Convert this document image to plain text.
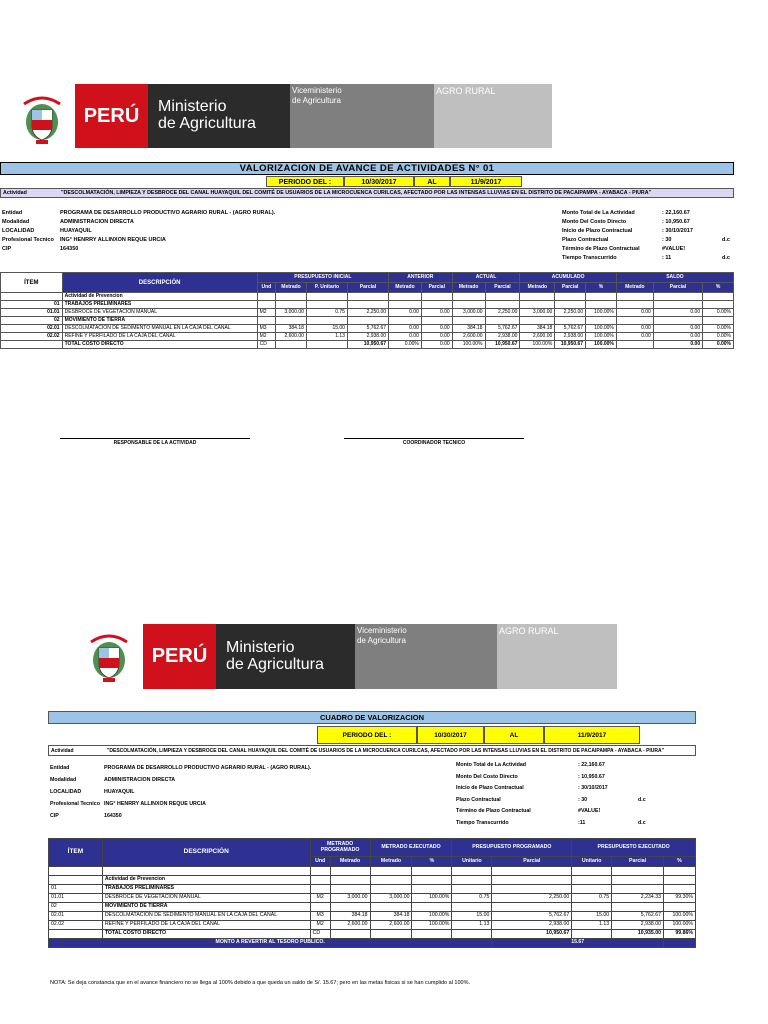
PERÚ	Ministerio
de Agricultura
Viceministerio
de Agricultura
AGRO RURAL
VALORIZACION DE AVANCE DE ACTIVIDADES N° 01
PERIODO DEL :	10/30/2017	AL	11/9/2017
Actividad	"DESCOLMATACIÓN, LIMPIEZA Y DESBROCE DEL CANAL HUAYAQUIL DEL COMITÉ DE USUARIOS DE LA MICROCUENCA CURILCAS, AFECTADO POR LAS INTENSAS LLUVIAS EN EL DISTRITO DE PACAIPAMPA - AYABACA - PIURA"
Entidad	PROGRAMA DE DESARROLLO PRODUCTIVO AGRARIO RURAL - (AGRO RURAL).
Modalidad	ADMINISTRACION DIRECTA
LOCALIDAD	HUAYAQUIL
Profesional Tecnico	ING° HENRRY ALLINXON REQUE URCIA
CIP	164350
Monto Total de La Actividad	: 22,160.67
Monto Del Costo Directo	: 10,950.67
Inicio de Plazo Contractual	: 30/10/2017
Plazo Contractual	: 30	d.c
Término de Plazo Contractual	#VALUE!
Tiempo Transcurrido	: 11	d.c
ÍTEM	DESCRIPCIÓN	PRESUPUESTO INICIAL				ANTERIOR		ACTUAL		ACUMULADO			SALDO		
		Und	Metrado	P. Unitario	Parcial	Metrado	Parcial	Metrado	Parcial	Metrado	Parcial	%	Metrado	Parcial	%
	Actividad de Prevencion														
01	TRABAJOS PRELIMINARES														
01.01	DESBROCE DE VEGETACION MANUAL	M2	3,000.00	0.75	2,250.00	0.00	0.00	3,000.00	2,250.00	3,000.00	2,250.00	100.00%	0.00	0.00	0.00%
02	MOVIMIENTO DE TIERRA														
02.01	DESCOLMATACION DE SEDIMENTO MANUAL EN LA CAJA DEL CANAL	M3	384.18	15.00	5,762.67	0.00	0.00	384.18	5,762.67	384.18	5,762.67	100.00%	0.00	0.00	0.00%
02.02	REFINE Y PERFILADO DE LA CAJA DEL CANAL	M2	2,600.00	1.13	2,938.00	0.00	0.00	2,600.00	2,938.00	2,600.00	2,938.00	100.00%	0.00	0.00	0.00%
	TOTAL COSTO DIRECTO	CD			10,950.67	0.00%	0.00	100.00%	10,950.67	100.00%	10,950.67	100.00%		0.00	0.00%
RESPONSABLE DE LA ACTIVIDAD	COORDINADOR TECNICO
PERÚ	Ministerio
de Agricultura
Viceministerio
de Agricultura
AGRO RURAL
CUADRO DE VALORIZACION
PERIODO DEL :	10/30/2017	AL	11/9/2017
Actividad	"DESCOLMATACIÓN, LIMPIEZA Y DESBROCE DEL CANAL HUAYAQUIL DEL COMITÉ DE USUARIOS DE LA MICROCUENCA CURILCAS, AFECTADO POR LAS INTENSAS LLUVIAS EN EL DISTRITO DE PACAIPAMPA - AYABACA - PIURA"
Entidad	PROGRAMA DE DESARROLLO PRODUCTIVO AGRARIO RURAL - (AGRO RURAL).
Modalidad	ADMINISTRACION DIRECTA
LOCALIDAD	HUAYAQUIL
Profesional Tecnico ING° HENRRY ALLINXON REQUE URCIA
CIP	164350
Monto Total de La Actividad	: 22,160.67
Monto Del Costo Directo	: 10,950.67
Inicio de Plazo Contractual	: 30/10/2017
Plazo Contractual	: 30	d.c
Término de Plazo Contractual	#VALUE!
Tiempo Transcurrido	:11	d.c
ÍTEM	DESCRIPCIÓN	METRADO PROGRAMADO		METRADO EJECUTADO		PRESUPUESTO PROGRAMADO		PRESUPUESTO EJECUTADO		
		Und	Metrado	Metrado	%	Unitario	Parcial	Unitario	Parcial	%

	Actividad de Prevencion									
01	TRABAJOS PRELIMINARES									
01.01	DESBROCE DE VEGETACION MANUAL	M2	3,000.00	3,000.00	100.00%	0.75	2,250.00	0.75	2,234.33	99.30%
02	MOVIMIENTO DE TIERRA									
02.01	DESCOLMATACION DE SEDIMENTO MANUAL EN LA CAJA DEL CANAL	M3	384.18	384.18	100.00%	15.00	5,762.67	15.00	5,762.67	100.00%
02.02	REFINE Y PERFILADO DE LA CAJA DEL CANAL	M2	2,600.00	2,600.00	100.00%	1.13	2,938.00	1.13	2,938.00	100.00%
	TOTAL COSTO DIRECTO	CD					10,950.67		10,935.00	99.86%
MONTO A REVERTIR AL TESORO PUBLICO.							15.67			
NOTA: Se deja constancia que en el avance financiero no se llega al 100% debido a que queda un saldo de S/. 15.67; pero en las metas fisicas si se han cumplido al 100%.
